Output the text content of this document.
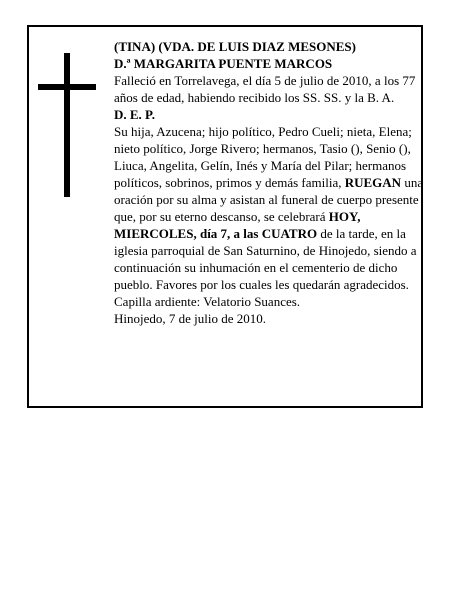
(TINA) (VDA. DE LUIS DIAZ MESONES)

D.ª MARGARITA PUENTE MARCOS

Falleció en Torrelavega, el día 5 de julio de 2010, a los 77 años de edad, habiendo recibido los SS. SS. y la B. A.

D. E. P.

Su hija, Azucena; hijo político, Pedro Cueli; nieta, Elena; nieto político, Jorge Rivero; hermanos, Tasio (), Senio (), Liuca, Angelita, Gelín, Inés y María del Pilar; hermanos políticos, sobrinos, primos y demás familia, RUEGAN una oración por su alma y asistan al funeral de cuerpo presente que, por su eterno descanso, se celebrará HOY, MIERCOLES, día 7, a las CUATRO de la tarde, en la iglesia parroquial de San Saturnino, de Hinojedo, siendo a continuación su inhumación en el cementerio de dicho pueblo. Favores por los cuales les quedarán agradecidos. Capilla ardiente: Velatorio Suances.

Hinojedo, 7 de julio de 2010.
